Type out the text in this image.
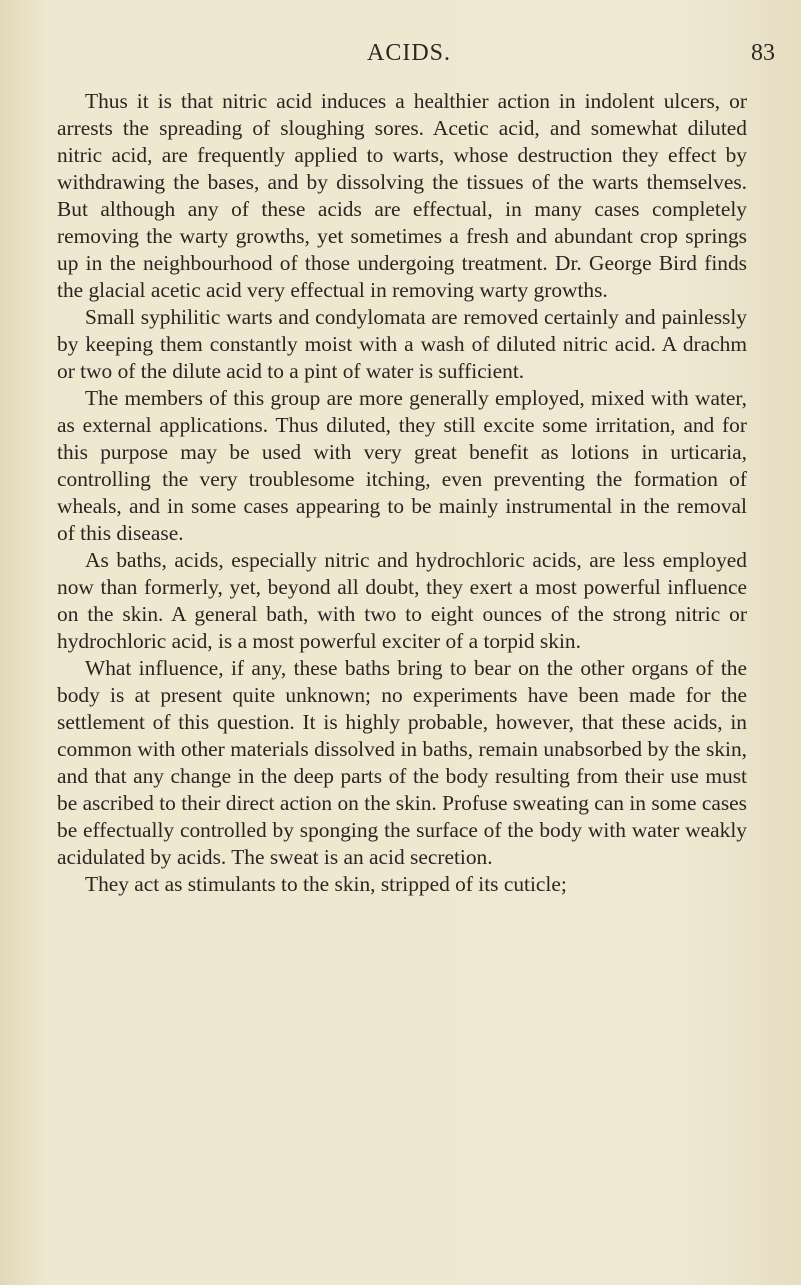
ACIDS.	83

Thus it is that nitric acid induces a healthier action in indolent ulcers, or arrests the spreading of sloughing sores. Acetic acid, and somewhat diluted nitric acid, are frequently applied to warts, whose destruction they effect by withdrawing the bases, and by dissolving the tissues of the warts themselves. But although any of these acids are effectual, in many cases completely removing the warty growths, yet sometimes a fresh and abundant crop springs up in the neighbourhood of those undergoing treatment. Dr. George Bird finds the glacial acetic acid very effectual in removing warty growths.

Small syphilitic warts and condylomata are removed certainly and painlessly by keeping them constantly moist with a wash of diluted nitric acid. A drachm or two of the dilute acid to a pint of water is sufficient.

The members of this group are more generally employed, mixed with water, as external applications. Thus diluted, they still excite some irritation, and for this purpose may be used with very great benefit as lotions in urticaria, controlling the very troublesome itching, even preventing the formation of wheals, and in some cases appearing to be mainly instrumental in the removal of this disease.

As baths, acids, especially nitric and hydrochloric acids, are less employed now than formerly, yet, beyond all doubt, they exert a most powerful influence on the skin. A general bath, with two to eight ounces of the strong nitric or hydrochloric acid, is a most powerful exciter of a torpid skin.

What influence, if any, these baths bring to bear on the other organs of the body is at present quite unknown; no experiments have been made for the settlement of this question. It is highly probable, however, that these acids, in common with other materials dissolved in baths, remain unabsorbed by the skin, and that any change in the deep parts of the body resulting from their use must be ascribed to their direct action on the skin. Profuse sweating can in some cases be effectually controlled by sponging the surface of the body with water weakly acidulated by acids. The sweat is an acid secretion.

They act as stimulants to the skin, stripped of its cuticle;
